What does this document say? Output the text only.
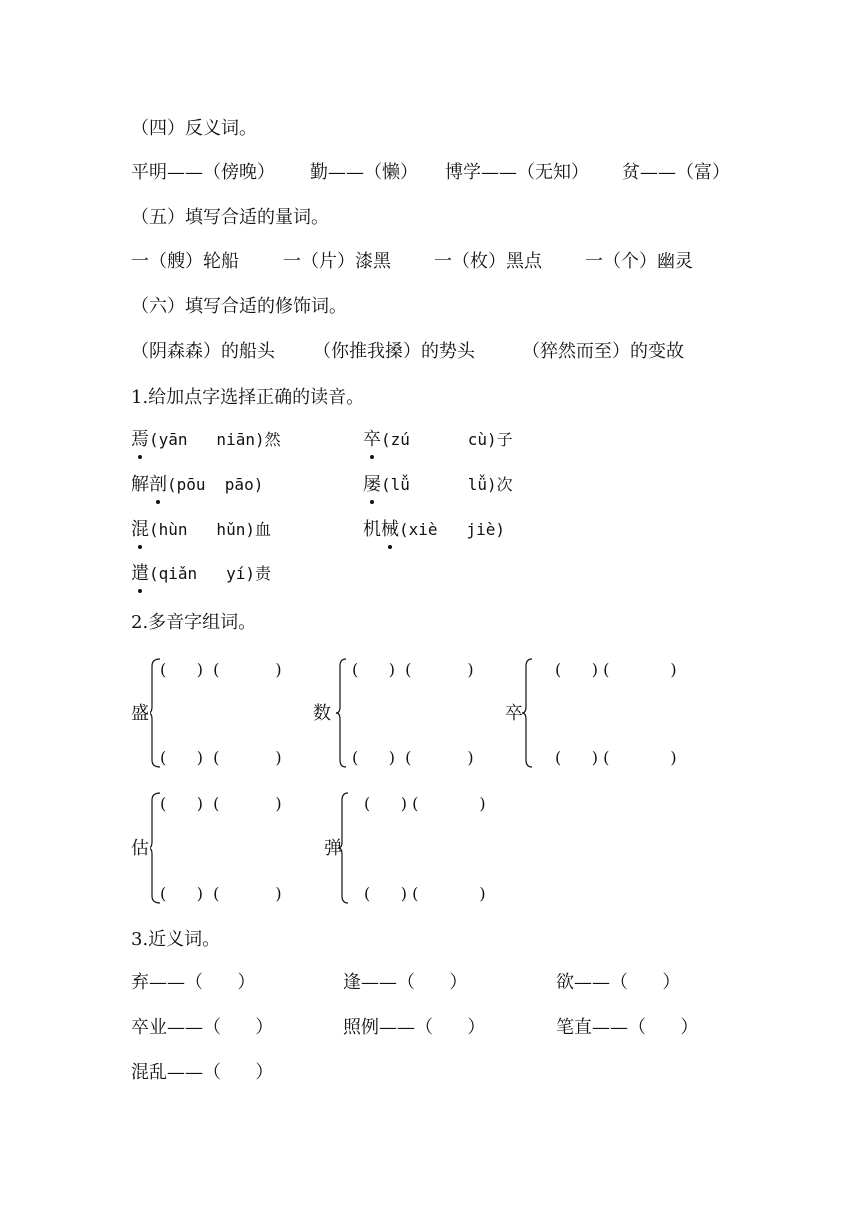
（四）反义词。
平明——（傍晚） 勤——（懒） 博学——（无知） 贫——（富）
（五）填写合适的量词。
一（艘）轮船 一（片）漆黑 一（枚）黑点 一（个）幽灵
（六）填写合适的修饰词。
（阴森森）的船头 （你推我搡）的势头	（猝然而至）的变故
1.给加点字选择正确的读音。
焉(yān   niān)然	卒(zú      cù)子
解剖(pōu  pāo)	屡(lǚ      lǚ)次
混(hùn   hǔn)血	机械(xiè   jiè)
遣(qiǎn   yí)责
2.多音字组词。
盛
(      )  (           )
(      )  (           )
数
(      )  (           )
(      )  (           )
卒
(      ) (            )
(      ) (            )
估
(      )  (           )
(      )  (           )
弹
(      ) (            )
(      ) (            )
3.近义词。
弃——（      ）	逢——（      ）	欲——（      ）
卒业——（      ）	照例——（      ）	笔直——（      ）
混乱——（      ）
